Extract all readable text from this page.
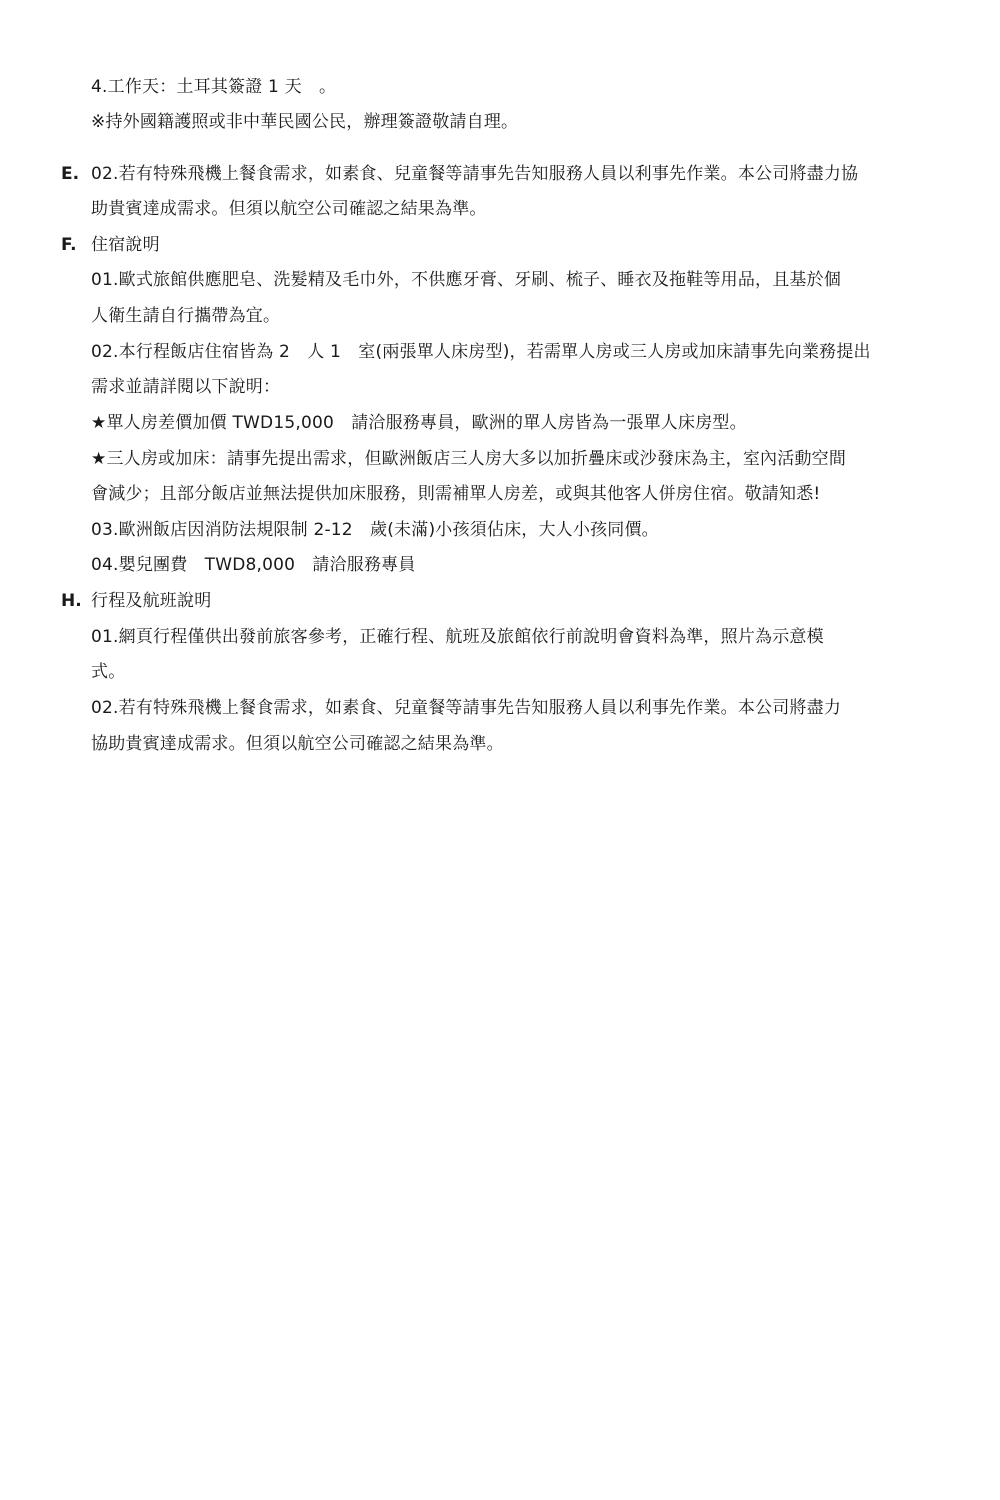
4.工作天：土耳其簽證 1 天　。
※持外國籍護照或非中華民國公民，辦理簽證敬請自理。
E. 02.若有特殊飛機上餐食需求，如素食、兒童餐等請事先告知服務人員以利事先作業。本公司將盡力協
助貴賓達成需求。但須以航空公司確認之結果為準。
F. 住宿說明
01.歐式旅館供應肥皂、洗髮精及毛巾外，不供應牙膏、牙刷、梳子、睡衣及拖鞋等用品，且基於個
人衛生請自行攜帶為宜。
02.本行程飯店住宿皆為 2　人 1　室(兩張單人床房型)，若需單人房或三人房或加床請事先向業務提出
需求並請詳閱以下說明：
★單人房差價加價 TWD15,000　請洽服務專員，歐洲的單人房皆為一張單人床房型。
★三人房或加床：請事先提出需求，但歐洲飯店三人房大多以加折疊床或沙發床為主，室內活動空間
會減少；且部分飯店並無法提供加床服務，則需補單人房差，或與其他客人併房住宿。敬請知悉!
03.歐洲飯店因消防法規限制 2-12　歲(未滿)小孩須佔床，大人小孩同價。
04.嬰兒團費　TWD8,000　請洽服務專員
H. 行程及航班說明
01.網頁行程僅供出發前旅客參考，正確行程、航班及旅館依行前說明會資料為準，照片為示意模
式。
02.若有特殊飛機上餐食需求，如素食、兒童餐等請事先告知服務人員以利事先作業。本公司將盡力
協助貴賓達成需求。但須以航空公司確認之結果為準。
